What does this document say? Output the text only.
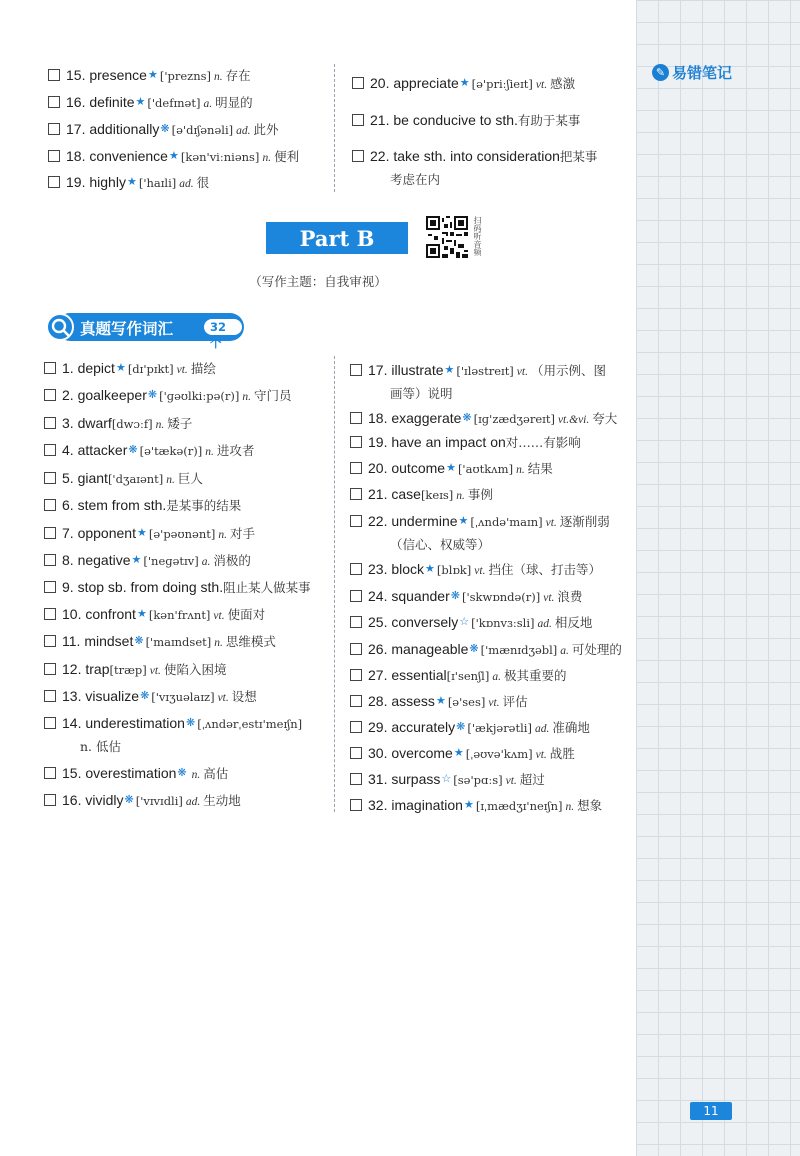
✎ 易错笔记
15. presence★ ['prezns] n. 存在
16. definite★ ['defɪnət] a. 明显的
17. additionally❋ [ə'dɪʃənəli] ad. 此外
18. convenience★ [kən'viːniəns] n. 便利
19. highly★ ['haɪli] ad. 很
20. appreciate★ [ə'priːʃieɪt] vt. 感激
21. be conducive to sth.有助于某事
22. take sth. into consideration把某事
考虑在内
Part B	扫码听音频
（写作主题：自我审视）
真题写作词汇	32 个
1. depict★ [dɪ'pɪkt] vt. 描绘
2. goalkeeper❋ ['ɡəʊlkiːpə(r)] n. 守门员
3. dwarf[dwɔːf] n. 矮子
4. attacker❋ [ə'tækə(r)] n. 进攻者
5. giant['dʒaɪənt] n. 巨人
6. stem from sth.是某事的结果
7. opponent★ [ə'pəʊnənt] n. 对手
8. negative★ ['neɡətɪv] a. 消极的
9. stop sb. from doing sth.阻止某人做某事
10. confront★ [kən'frʌnt] vt. 使面对
11. mindset❋ ['maɪndset] n. 思维模式
12. trap[træp] vt. 使陷入困境
13. visualize❋ ['vɪʒuəlaɪz] vt. 设想
14. underestimation❋ [ˌʌndərˌestɪ'meɪʃn]
n. 低估
15. overestimation❋ n. 高估
16. vividly❋ ['vɪvɪdli] ad. 生动地
17. illustrate★ ['ɪləstreɪt] vt. （用示例、图
画等）说明
18. exaggerate❋ [ɪɡ'zædʒəreɪt] vt.&vi. 夸大
19. have an impact on对……有影响
20. outcome★ ['aʊtkʌm] n. 结果
21. case[keɪs] n. 事例
22. undermine★ [ˌʌndə'maɪn] vt. 逐渐削弱
（信心、权威等）
23. block★ [blɒk] vt. 挡住（球、打击等）
24. squander❋ ['skwɒndə(r)] vt. 浪费
25. conversely☆ ['kɒnvɜːsli] ad. 相反地
26. manageable❋ ['mænɪdʒəbl] a. 可处理的
27. essential[ɪ'senʃl] a. 极其重要的
28. assess★ [ə'ses] vt. 评估
29. accurately❋ ['ækjərətli] ad. 准确地
30. overcome★ [ˌəʊvə'kʌm] vt. 战胜
31. surpass☆ [sə'pɑːs] vt. 超过
32. imagination★ [ɪˌmædʒɪ'neɪʃn] n. 想象
11
